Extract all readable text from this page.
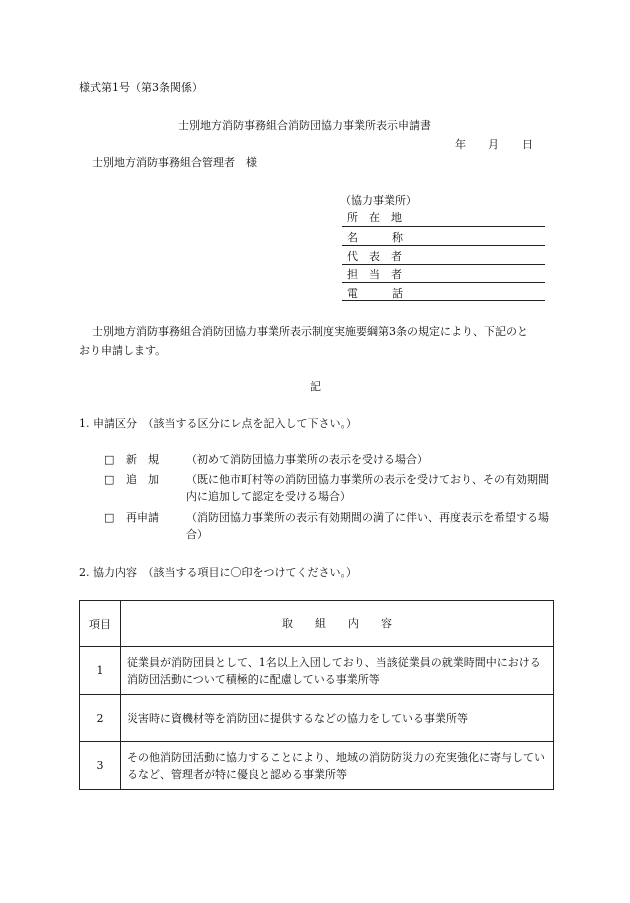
様式第1号（第3条関係）
士別地方消防事務組合消防団協力事業所表示申請書
年 月 日
士別地方消防事務組合管理者　様
（協力事業所）
所在地
名称
代表者
担当者
電話
士別地方消防事務組合消防団協力事業所表示制度実施要綱第3条の規定により、下記のと
おり申請します。
記
1. 申請区分　（該当する区分にレ点を記入して下さい。）
□ 新　規 （初めて消防団協力事業所の表示を受ける場合）
□ 追　加 （既に他市町村等の消防団協力事業所の表示を受けており、その有効期間内に追加して認定を受ける場合）
□ 再申請 （消防団協力事業所の表示有効期間の満了に伴い、再度表示を希望する場合）
2. 協力内容　（該当する項目に〇印をつけてください。）
項目	取　　組　　内　　容
1	従業員が消防団員として、1名以上入団しており、当該従業員の就業時間中における消防団活動について積極的に配慮している事業所等
2	災害時に資機材等を消防団に提供するなどの協力をしている事業所等
3	その他消防団活動に協力することにより、地域の消防防災力の充実強化に寄与しているなど、管理者が特に優良と認める事業所等
